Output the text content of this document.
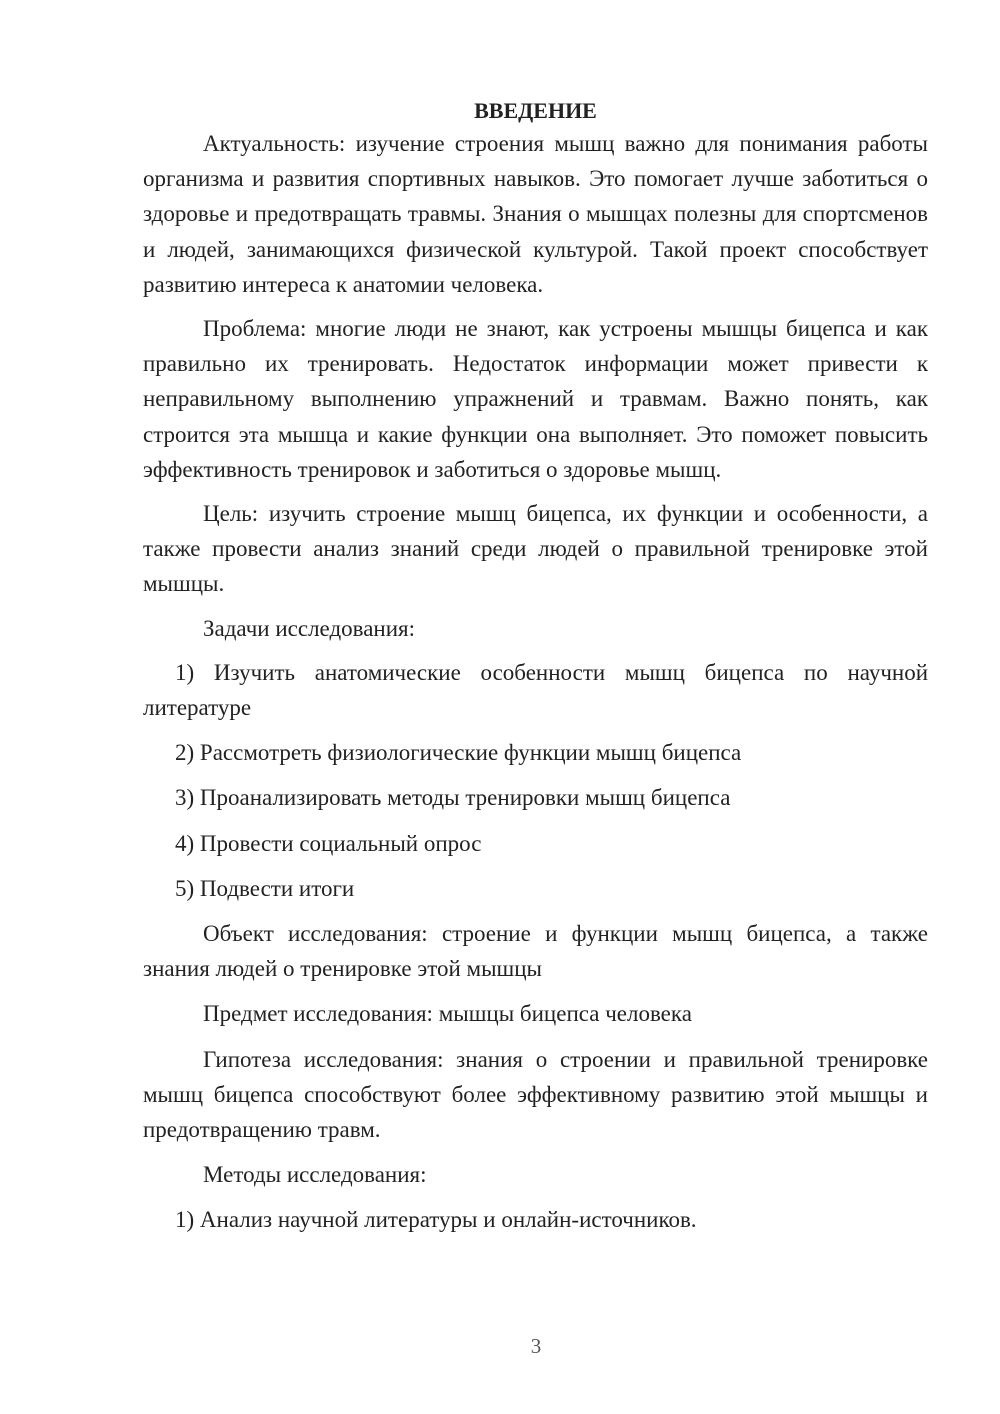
ВВЕДЕНИЕ

Актуальность: изучение строения мышц важно для понимания работы организма и развития спортивных навыков. Это помогает лучше заботиться о здоровье и предотвращать травмы. Знания о мышцах полезны для спортсменов и людей, занимающихся физической культурой. Такой проект способствует развитию интереса к анатомии человека.

Проблема: многие люди не знают, как устроены мышцы бицепса и как правильно их тренировать. Недостаток информации может привести к неправильному выполнению упражнений и травмам. Важно понять, как строится эта мышца и какие функции она выполняет. Это поможет повысить эффективность тренировок и заботиться о здоровье мышц.

Цель: изучить строение мышц бицепса, их функции и особенности, а также провести анализ знаний среди людей о правильной тренировке этой мышцы.

Задачи исследования:

1) Изучить анатомические особенности мышц бицепса по научной литературе

2) Рассмотреть физиологические функции мышц бицепса

3) Проанализировать методы тренировки мышц бицепса

4) Провести социальный опрос

5) Подвести итоги

Объект исследования: строение и функции мышц бицепса, а также знания людей о тренировке этой мышцы

Предмет исследования: мышцы бицепса человека

Гипотеза исследования: знания о строении и правильной тренировке мышц бицепса способствуют более эффективному развитию этой мышцы и предотвращению травм.

Методы исследования:

1) Анализ научной литературы и онлайн-источников.

3
